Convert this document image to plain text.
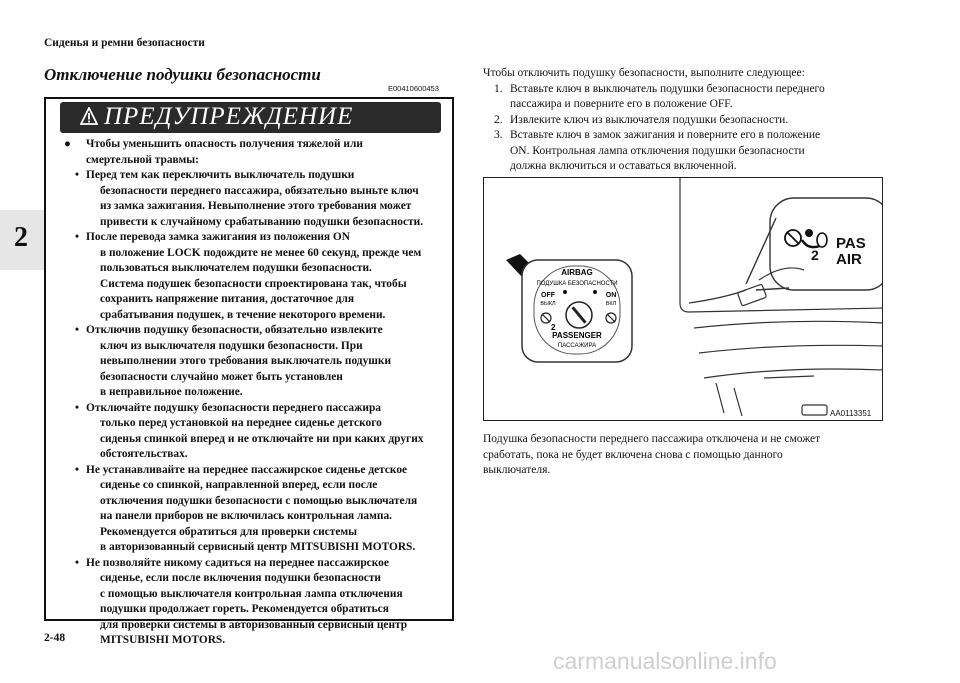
Сиденья и ремни безопасности
2
Отключение подушки безопасности
E00410600453
ПРЕДУПРЕЖДЕНИЕ
● Чтобы уменьшить опасность получения тяжелой или
смертельной травмы:
• Перед тем как переключить выключатель подушки
безопасности переднего пассажира, обязательно выньте ключ
из замка зажигания. Невыполнение этого требования может
привести к случайному срабатыванию подушки безопасности.
• После перевода замка зажигания из положения ON
в положение LOCK подождите не менее 60 секунд, прежде чем
пользоваться выключателем подушки безопасности.
Система подушек безопасности спроектирована так, чтобы
сохранить напряжение питания, достаточное для
срабатывания подушек, в течение некоторого времени.
• Отключив подушку безопасности, обязательно извлеките
ключ из выключателя подушки безопасности. При
невыполнении этого требования выключатель подушки
безопасности случайно может быть установлен
в неправильное положение.
• Отключайте подушку безопасности переднего пассажира
только перед установкой на переднее сиденье детского
сиденья спинкой вперед и не отключайте ни при каких других
обстоятельствах.
• Не устанавливайте на переднее пассажирское сиденье детское
сиденье со спинкой, направленной вперед, если после
отключения подушки безопасности с помощью выключателя
на панели приборов не включилась контрольная лампа.
Рекомендуется обратиться для проверки системы
в авторизованный сервисный центр MITSUBISHI MOTORS.
• Не позволяйте никому садиться на переднее пассажирское
сиденье, если после включения подушки безопасности
с помощью выключателя контрольная лампа отключения
подушки продолжает гореть. Рекомендуется обратиться
для проверки системы в авторизованный сервисный центр
MITSUBISHI MOTORS.
Чтобы отключить подушку безопасности, выполните следующее:
1. Вставьте ключ в выключатель подушки безопасности переднего
пассажира и поверните его в положение OFF.
2. Извлеките ключ из выключателя подушки безопасности.
3. Вставьте ключ в замок зажигания и поверните его в положение
ON. Контрольная лампа отключения подушки безопасности
должна включиться и оставаться включенной.
2
PAS
AIR
AIRBAG
ПОДУШКА БЕЗОПАСНОСТИ
OFF
ВЫКЛ
ON
ВКЛ
2
PASSENGER
ПАССАЖИРА
AA0113351
Подушка безопасности переднего пассажира отключена и не сможет
сработать, пока не будет включена снова с помощью данного
выключателя.
2-48
carmanualsonline.info
